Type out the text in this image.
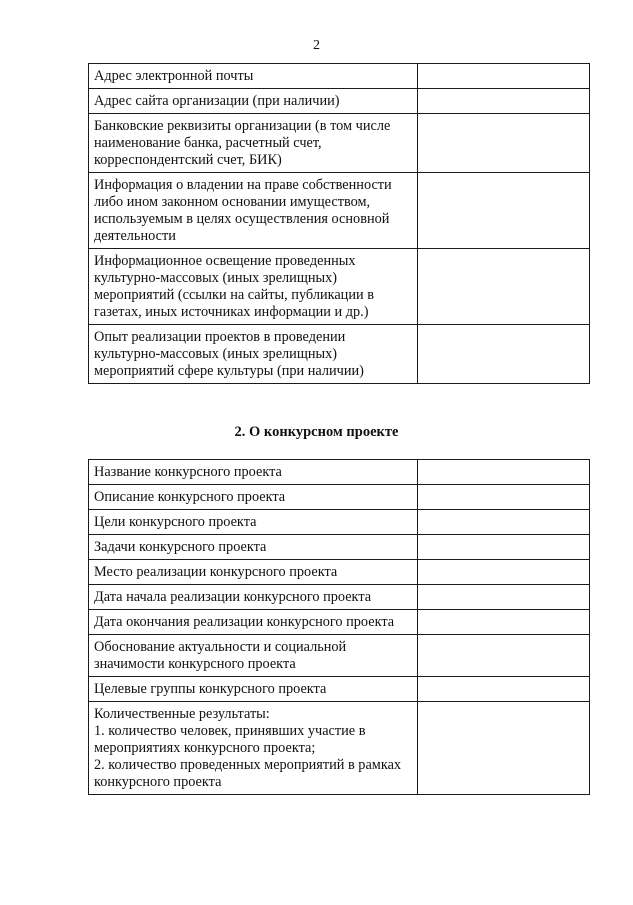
2
Адрес электронной почты	
Адрес сайта организации (при наличии)	
Банковские реквизиты организации (в том числе наименование банка, расчетный счет, корреспондентский счет, БИК)	
Информация о владении на праве собственности либо ином законном основании имуществом, используемым в целях осуществления основной деятельности	
Информационное освещение проведенных культурно-массовых (иных зрелищных) мероприятий (ссылки на сайты, публикации в газетах, иных источниках информации и др.)	
Опыт реализации проектов в проведении культурно-массовых (иных зрелищных) мероприятий сфере культуры (при наличии)	
2. О конкурсном проекте
Название конкурсного проекта	
Описание конкурсного проекта	
Цели конкурсного проекта	
Задачи конкурсного проекта	
Место реализации конкурсного проекта	
Дата начала реализации конкурсного проекта	
Дата окончания реализации конкурсного проекта	
Обоснование актуальности и социальной значимости конкурсного проекта	
Целевые группы конкурсного проекта	

Количественные результаты:
1. количество человек, принявших участие в мероприятиях конкурсного проекта;
2. количество проведенных мероприятий в рамках конкурсного проекта	
